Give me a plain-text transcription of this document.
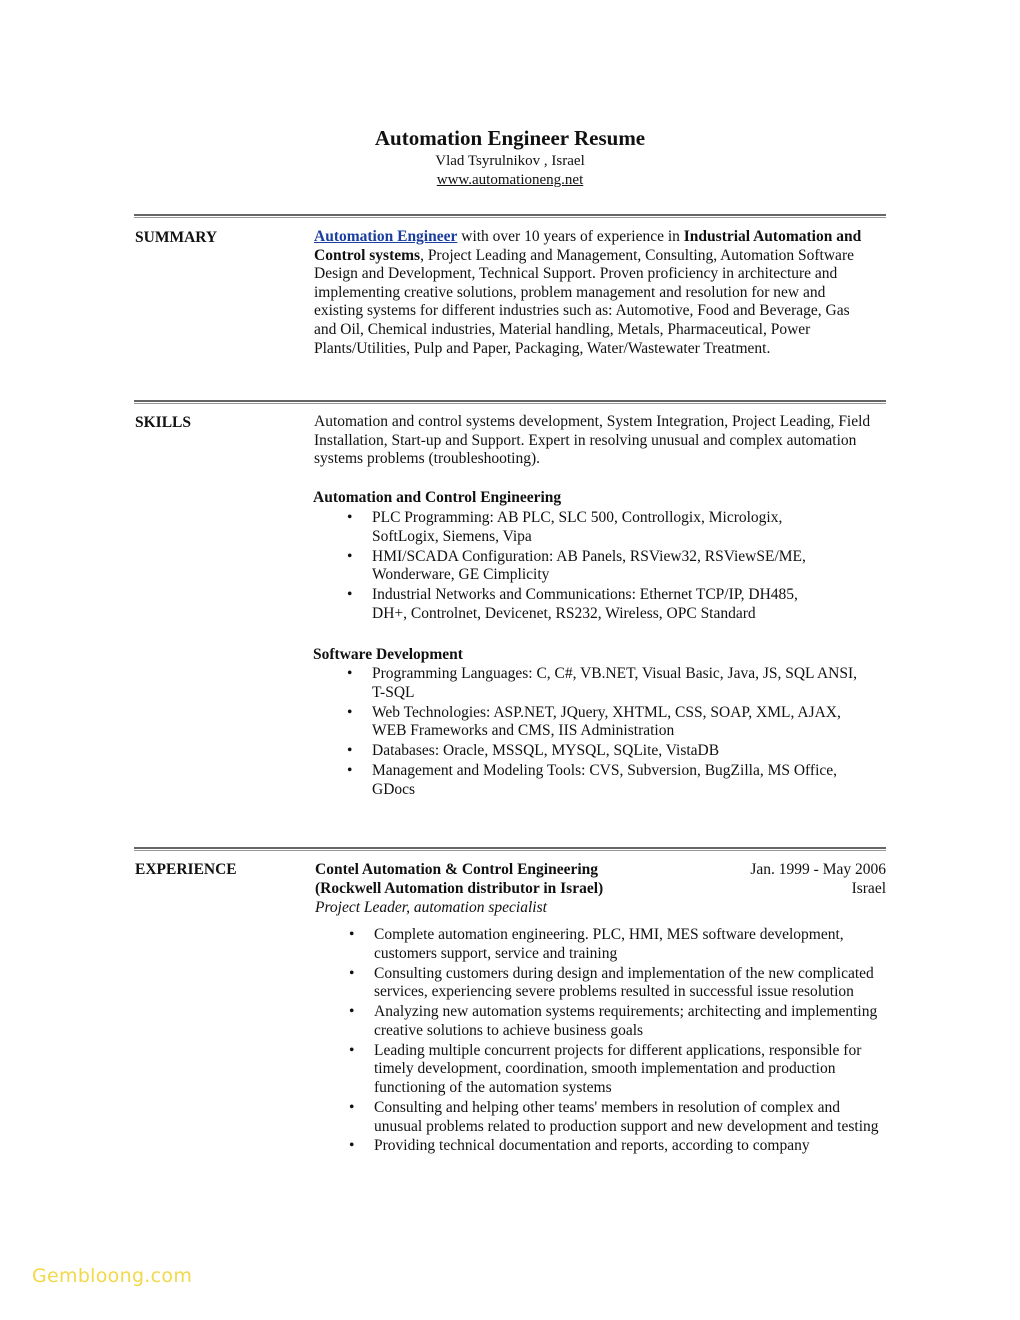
Automation Engineer Resume
Vlad Tsyrulnikov , Israel
www.automationeng.net
SUMMARY	Automation Engineer with over 10 years of experience in Industrial Automation and Control systems, Project Leading and Management, Consulting, Automation Software Design and Development, Technical Support. Proven proficiency in architecture and implementing creative solutions, problem management and resolution for new and existing systems for different industries such as: Automotive, Food and Beverage, Gas and Oil, Chemical industries, Material handling, Metals, Pharmaceutical, Power Plants/Utilities, Pulp and Paper, Packaging, Water/Wastewater Treatment.
SKILLS	Automation and control systems development, System Integration, Project Leading, Field Installation, Start-up and Support. Expert in resolving unusual and complex automation systems problems (troubleshooting).
Automation and Control Engineering
• PLC Programming: AB PLC, SLC 500, Controllogix, Micrologix, SoftLogix, Siemens, Vipa
• HMI/SCADA Configuration: AB Panels, RSView32, RSViewSE/ME, Wonderware, GE Cimplicity
• Industrial Networks and Communications: Ethernet TCP/IP, DH485, DH+, Controlnet, Devicenet, RS232, Wireless, OPC Standard
Software Development
• Programming Languages: C, C#, VB.NET, Visual Basic, Java, JS, SQL ANSI, T-SQL
• Web Technologies: ASP.NET, JQuery, XHTML, CSS, SOAP, XML, AJAX, WEB Frameworks and CMS, IIS Administration
• Databases: Oracle, MSSQL, MYSQL, SQLite, VistaDB
• Management and Modeling Tools: CVS, Subversion, BugZilla, MS Office, GDocs
EXPERIENCE	Contel Automation & Control Engineering	Jan. 1999 - May 2006
(Rockwell Automation distributor in Israel)	Israel
Project Leader, automation specialist
• Complete automation engineering. PLC, HMI, MES software development, customers support, service and training
• Consulting customers during design and implementation of the new complicated services, experiencing severe problems resulted in successful issue resolution
• Analyzing new automation systems requirements; architecting and implementing creative solutions to achieve business goals
• Leading multiple concurrent projects for different applications, responsible for timely development, coordination, smooth implementation and production functioning of the automation systems
• Consulting and helping other teams' members in resolution of complex and unusual problems related to production support and new development and testing
• Providing technical documentation and reports, according to company
Gembloong.com
